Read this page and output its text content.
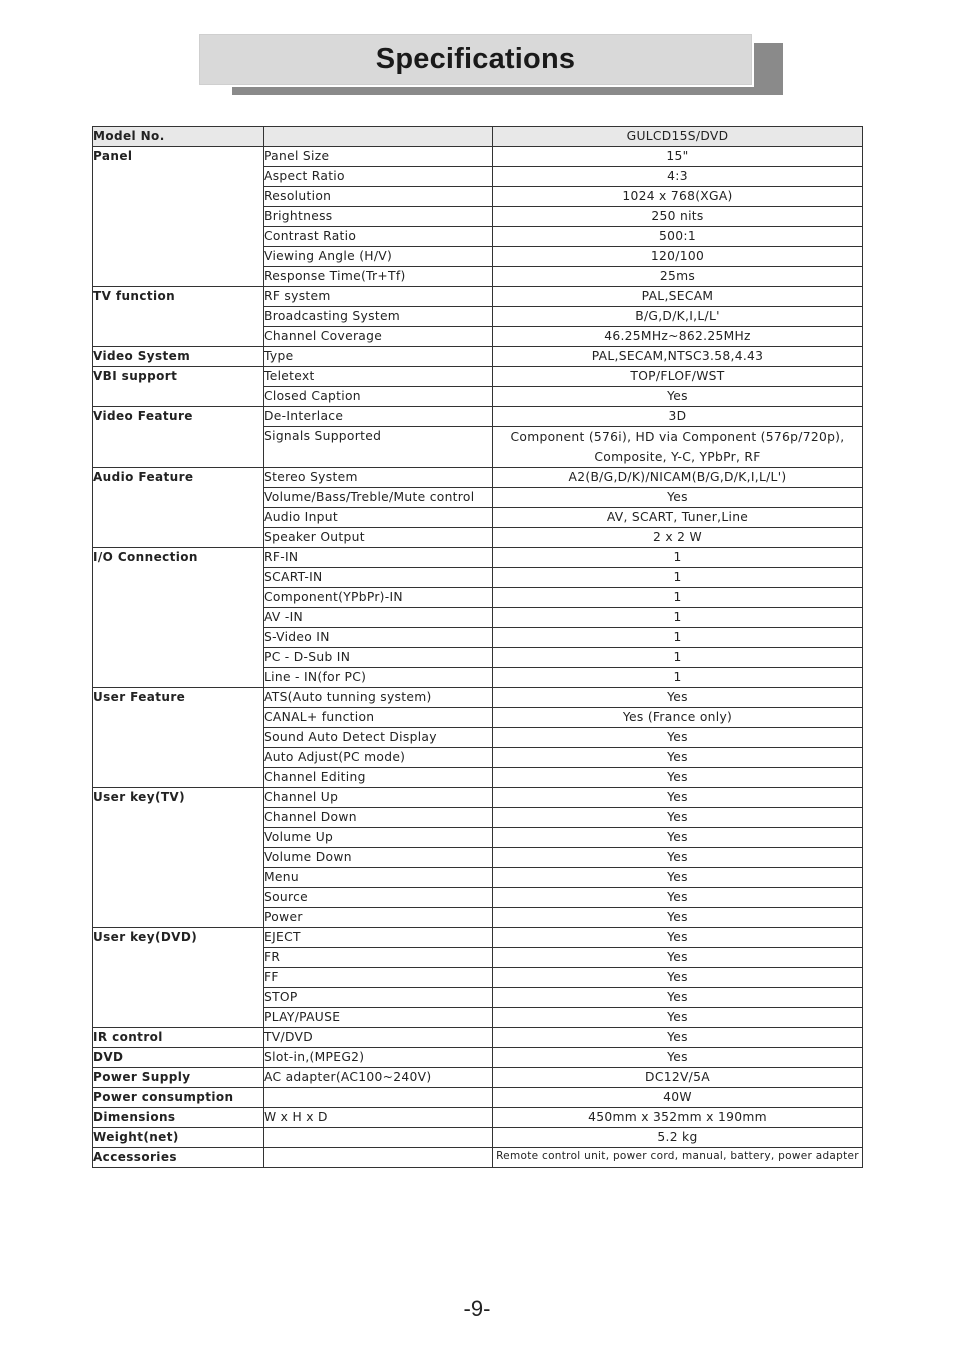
Specifications
Model No.		GULCD15S/DVD
Panel	Panel Size	15"
	Aspect Ratio	4:3
	Resolution	1024 x 768(XGA)
	Brightness	250 nits
	Contrast Ratio	500:1
	Viewing Angle (H/V)	120/100
	Response Time(Tr+Tf)	25ms
TV function	RF system	PAL,SECAM
	Broadcasting System	B/G,D/K,I,L/L'
	Channel Coverage	46.25MHz~862.25MHz
Video System	Type	PAL,SECAM,NTSC3.58,4.43
VBI support	Teletext	TOP/FLOF/WST
	Closed Caption	Yes
Video Feature	De-Interlace	3D
	Signals Supported	Component (576i), HD via Component (576p/720p), Composite, Y-C, YPbPr, RF
Audio Feature	Stereo System	A2(B/G,D/K)/NICAM(B/G,D/K,I,L/L')
	Volume/Bass/Treble/Mute control	Yes
	Audio Input	AV, SCART, Tuner,Line
	Speaker Output	2 x 2 W
I/O Connection	RF-IN	1
	SCART-IN	1
	Component(YPbPr)-IN	1
	AV -IN	1
	S-Video IN	1
	PC - D-Sub IN	1
	Line - IN(for PC)	1
User Feature	ATS(Auto tunning system)	Yes
	CANAL+ function	Yes (France only)
	Sound Auto Detect Display	Yes
	Auto Adjust(PC mode)	Yes
	Channel Editing	Yes
User key(TV)	Channel Up	Yes
	Channel Down	Yes
	Volume Up	Yes
	Volume Down	Yes
	Menu	Yes
	Source	Yes
	Power	Yes
User key(DVD)	EJECT	Yes
	FR	Yes
	FF	Yes
	STOP	Yes
	PLAY/PAUSE	Yes
IR control	TV/DVD	Yes
DVD	Slot-in,(MPEG2)	Yes
Power Supply	AC adapter(AC100~240V)	DC12V/5A
Power consumption		40W
Dimensions	W x H x D	450mm x 352mm x 190mm
Weight(net)		5.2 kg
Accessories		Remote control unit, power cord, manual, battery, power adapter
-9-
